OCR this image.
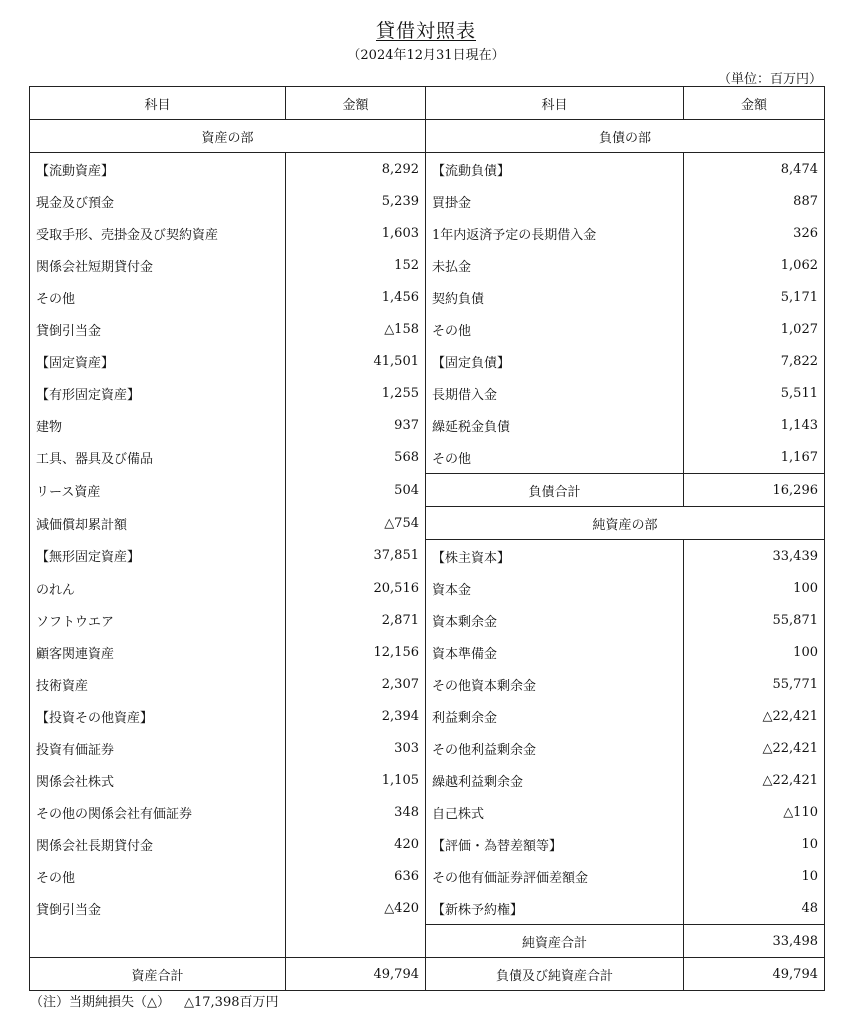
貸借対照表
（2024年12月31日現在）
（単位：百万円）
科目	金額	科目	金額
資産の部		負債の部	
【流動資産】	8,292	【流動負債】	8,474
現金及び預金	5,239	買掛金	887
受取手形、売掛金及び契約資産	1,603	1年内返済予定の長期借入金	326
関係会社短期貸付金	152	未払金	1,062
その他	1,456	契約負債	5,171
貸倒引当金	△158	その他	1,027
【固定資産】	41,501	【固定負債】	7,822
【有形固定資産】	1,255	長期借入金	5,511
建物	937	繰延税金負債	1,143
工具、器具及び備品	568	その他	1,167
リース資産	504	負債合計	16,296
減価償却累計額	△754	純資産の部	
【無形固定資産】	37,851	【株主資本】	33,439
のれん	20,516	資本金	100
ソフトウエア	2,871	資本剰余金	55,871
顧客関連資産	12,156	資本準備金	100
技術資産	2,307	その他資本剰余金	55,771
【投資その他資産】	2,394	利益剰余金	△22,421
投資有価証券	303	その他利益剰余金	△22,421
関係会社株式	1,105	繰越利益剰余金	△22,421
その他の関係会社有価証券	348	自己株式	△110
関係会社長期貸付金	420	【評価・為替差額等】	10
その他	636	その他有価証券評価差額金	10
貸倒引当金	△420	【新株予約権】	48
		純資産合計	33,498
資産合計	49,794	負債及び純資産合計	49,794
（注）当期純損失（△） △17,398百万円
